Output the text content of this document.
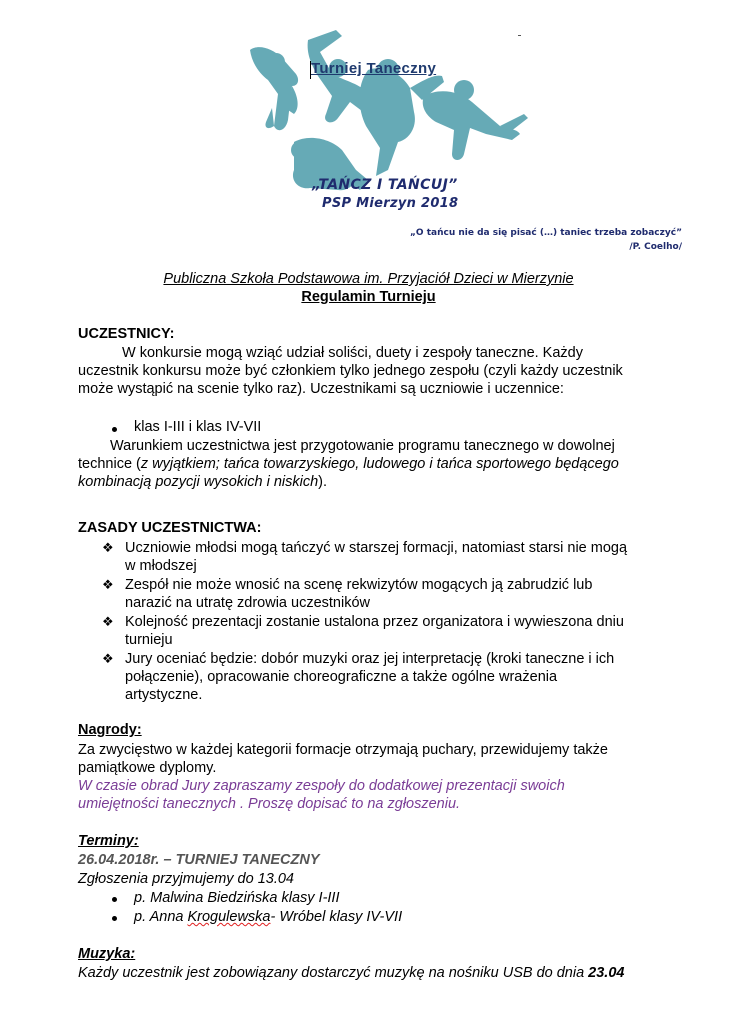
Turniej Taneczny
„TAŃCZ I TAŃCUJ”
PSP Mierzyn 2018
„O tańcu nie da się pisać (…) taniec trzeba zobaczyć”
/P. Coelho/
Publiczna Szkoła Podstawowa im. Przyjaciół Dzieci w Mierzynie
Regulamin Turnieju
UCZESTNICY:
W konkursie mogą wziąć udział soliści, duety i zespoły taneczne. Każdy
uczestnik konkursu może być członkiem tylko jednego zespołu (czyli każdy uczestnik
może wystąpić na scenie tylko raz). Uczestnikami są uczniowie i uczennice:
klas I-III i klas IV-VII
Warunkiem uczestnictwa jest przygotowanie programu tanecznego w dowolnej
technice (z wyjątkiem; tańca towarzyskiego, ludowego i tańca sportowego będącego
kombinacją pozycji wysokich i niskich).
ZASADY UCZESTNICTWA:
❖ Uczniowie młodsi mogą tańczyć w starszej formacji, natomiast starsi nie mogą
w młodszej
❖ Zespół nie może wnosić na scenę rekwizytów mogących ją zabrudzić lub
narazić na utratę zdrowia uczestników
❖ Kolejność prezentacji zostanie ustalona przez organizatora i wywieszona dniu
turnieju
❖ Jury oceniać będzie: dobór muzyki oraz jej interpretację (kroki taneczne i ich
połączenie), opracowanie choreograficzne a także ogólne wrażenia
artystyczne.
Nagrody:
Za zwycięstwo w każdej kategorii formacje otrzymają puchary, przewidujemy także
pamiątkowe dyplomy.
W czasie obrad Jury zapraszamy zespoły do dodatkowej prezentacji swoich
umiejętności tanecznych . Proszę dopisać to na zgłoszeniu.
Terminy:
26.04.2018r. – TURNIEJ TANECZNY
Zgłoszenia przyjmujemy do 13.04
p. Malwina Biedzińska klasy I-III
p. Anna Krogulewska- Wróbel klasy IV-VII
Muzyka:
Każdy uczestnik jest zobowiązany dostarczyć muzykę na nośniku USB do dnia 23.04
